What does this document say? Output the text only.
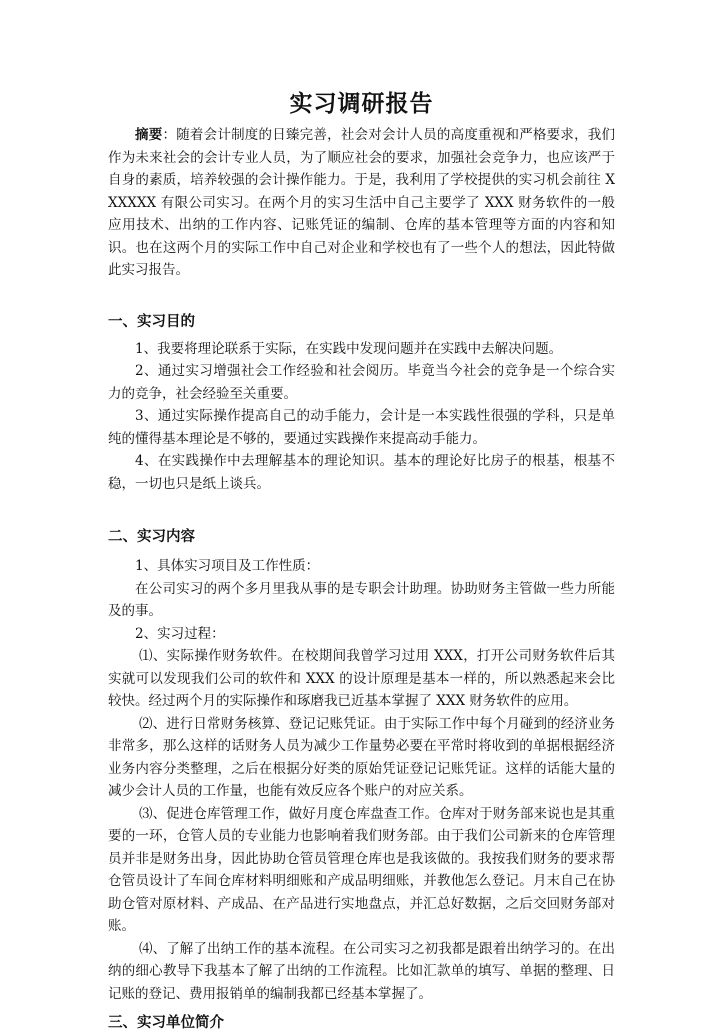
实习调研报告

摘要：随着会计制度的日臻完善，社会对会计人员的高度重视和严格要求，我们作为未来社会的会计专业人员，为了顺应社会的要求，加强社会竞争力，也应该严于自身的素质，培养较强的会计操作能力。于是，我利用了学校提供的实习机会前往 XXXXXX 有限公司实习。在两个月的实习生活中自己主要学了 XXX 财务软件的一般应用技术、出纳的工作内容、记账凭证的编制、仓库的基本管理等方面的内容和知识。也在这两个月的实际工作中自己对企业和学校也有了一些个人的想法，因此特做此实习报告。

一、实习目的

1、我要将理论联系于实际，在实践中发现问题并在实践中去解决问题。

2、通过实习增强社会工作经验和社会阅历。毕竟当今社会的竞争是一个综合实力的竞争，社会经验至关重要。

3、通过实际操作提高自己的动手能力，会计是一本实践性很强的学科，只是单纯的懂得基本理论是不够的，要通过实践操作来提高动手能力。

4、在实践操作中去理解基本的理论知识。基本的理论好比房子的根基，根基不稳，一切也只是纸上谈兵。

二、实习内容

1、具体实习项目及工作性质：

在公司实习的两个多月里我从事的是专职会计助理。协助财务主管做一些力所能及的事。

2、实习过程：

⑴、实际操作财务软件。在校期间我曾学习过用 XXX，打开公司财务软件后其实就可以发现我们公司的软件和 XXX 的设计原理是基本一样的，所以熟悉起来会比较快。经过两个月的实际操作和琢磨我已近基本掌握了 XXX 财务软件的应用。

⑵、进行日常财务核算、登记记账凭证。由于实际工作中每个月碰到的经济业务非常多，那么这样的话财务人员为减少工作量势必要在平常时将收到的单据根据经济业务内容分类整理，之后在根据分好类的原始凭证登记记账凭证。这样的话能大量的减少会计人员的工作量，也能有效反应各个账户的对应关系。

⑶、促进仓库管理工作，做好月度仓库盘查工作。仓库对于财务部来说也是其重要的一环，仓管人员的专业能力也影响着我们财务部。由于我们公司新来的仓库管理员并非是财务出身，因此协助仓管员管理仓库也是我该做的。我按我们财务的要求帮仓管员设计了车间仓库材料明细账和产成品明细账，并教他怎么登记。月末自己在协助仓管对原材料、产成品、在产品进行实地盘点，并汇总好数据，之后交回财务部对账。

⑷、了解了出纳工作的基本流程。在公司实习之初我都是跟着出纳学习的。在出纳的细心教导下我基本了解了出纳的工作流程。比如汇款单的填写、单据的整理、日记账的登记、费用报销单的编制我都已经基本掌握了。

三、实习单位简介
